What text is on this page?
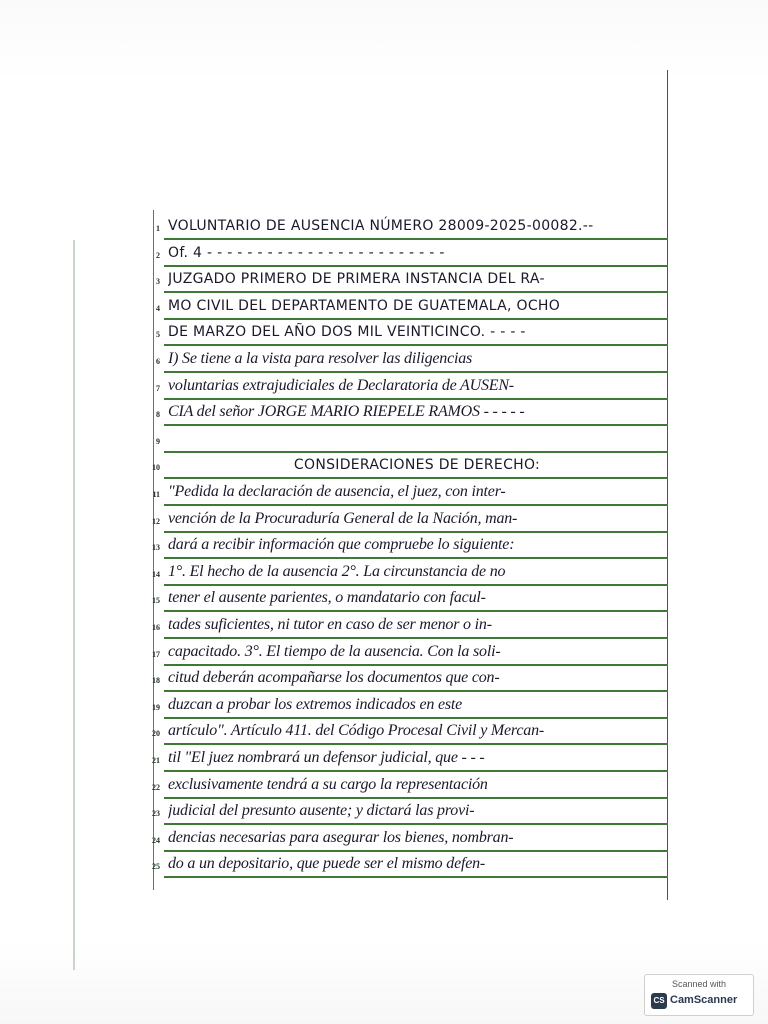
1 VOLUNTARIO DE AUSENCIA NÚMERO 28009-2025-00082.--
2 Of. 4 - - - - - - - - - - - - - - - - - - - - - - - -
3 JUZGADO PRIMERO DE PRIMERA INSTANCIA DEL RA-
4 MO CIVIL DEL DEPARTAMENTO DE GUATEMALA, OCHO
5 DE MARZO DEL AÑO DOS MIL VEINTICINCO. - - - -
6 I) Se tiene a la vista para resolver las diligencias
7 voluntarias extrajudiciales de Declaratoria de AUSEN-
8 CIA del señor JORGE MARIO RIEPELE RAMOS - - - - -
9
10	CONSIDERACIONES DE DERECHO:
11 "Pedida la declaración de ausencia, el juez, con inter-
12 vención de la Procuraduría General de la Nación, man-
13 dará a recibir información que compruebe lo siguiente:
14 1°. El hecho de la ausencia 2°. La circunstancia de no
15 tener el ausente parientes, o mandatario con facul-
16 tades suficientes, ni tutor en caso de ser menor o in-
17 capacitado. 3°. El tiempo de la ausencia. Con la soli-
18 citud deberán acompañarse los documentos que con-
19 duzcan a probar los extremos indicados en este
20 artículo". Artículo 411. del Código Procesal Civil y Mercan-
21 til "El juez nombrará un defensor judicial, que - - -
22 exclusivamente tendrá a su cargo la representación
23 judicial del presunto ausente; y dictará las provi-
24 dencias necesarias para asegurar los bienes, nombran-
25 do a un depositario, que puede ser el mismo defen-
Scanned with
CS CamScanner
